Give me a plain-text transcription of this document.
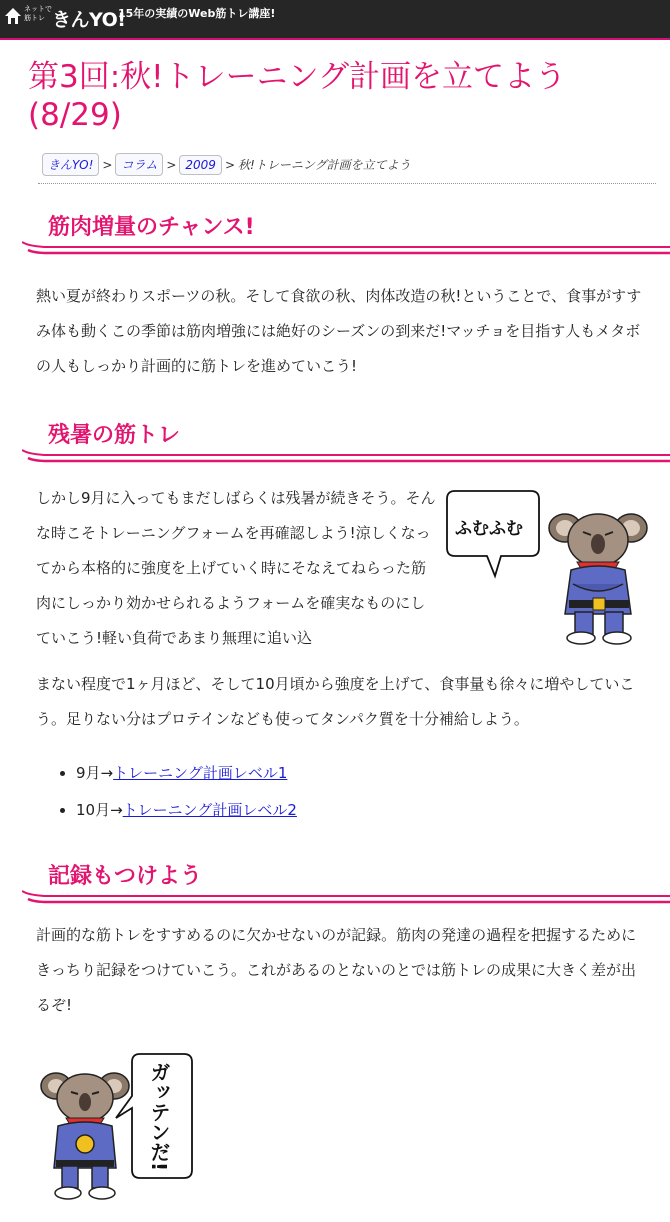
ネットで
筋トレ きんYO!
15年の実績のWeb筋トレ講座!
第3回:秋!トレーニング計画を立てよう(8/29)
きんYO! > コラム > 2009 > 秋!トレーニング計画を立てよう
筋肉増量のチャンス!

熱い夏が終わりスポーツの秋。そして食欲の秋、肉体改造の秋!ということで、食事がすすみ体も動くこの季節は筋肉増強には絶好のシーズンの到来だ!マッチョを目指す人もメタボの人もしっかり計画的に筋トレを進めていこう!

残暑の筋トレ

しかし9月に入ってもまだしばらくは残暑が続きそう。そんな時こそトレーニングフォームを再確認しよう!涼しくなってから本格的に強度を上げていく時にそなえてねらった筋肉にしっかり効かせられるようフォームを確実なものにしていこう!軽い負荷であまり無理に追い込

まない程度で1ヶ月ほど、そして10月頃から強度を上げて、食事量も徐々に増やしていこう。足りない分はプロテインなども使ってタンパク質を十分補給しよう。

ふむふむ
• 9月→トレーニング計画レベル1
• 10月→トレーニング計画レベル2
記録もつけよう

計画的な筋トレをすすめるのに欠かせないのが記録。筋肉の発達の過程を把握するためにきっちり記録をつけていこう。これがあるのとないのとでは筋トレの成果に大きく差が出るぞ!

ガッテンだ!
